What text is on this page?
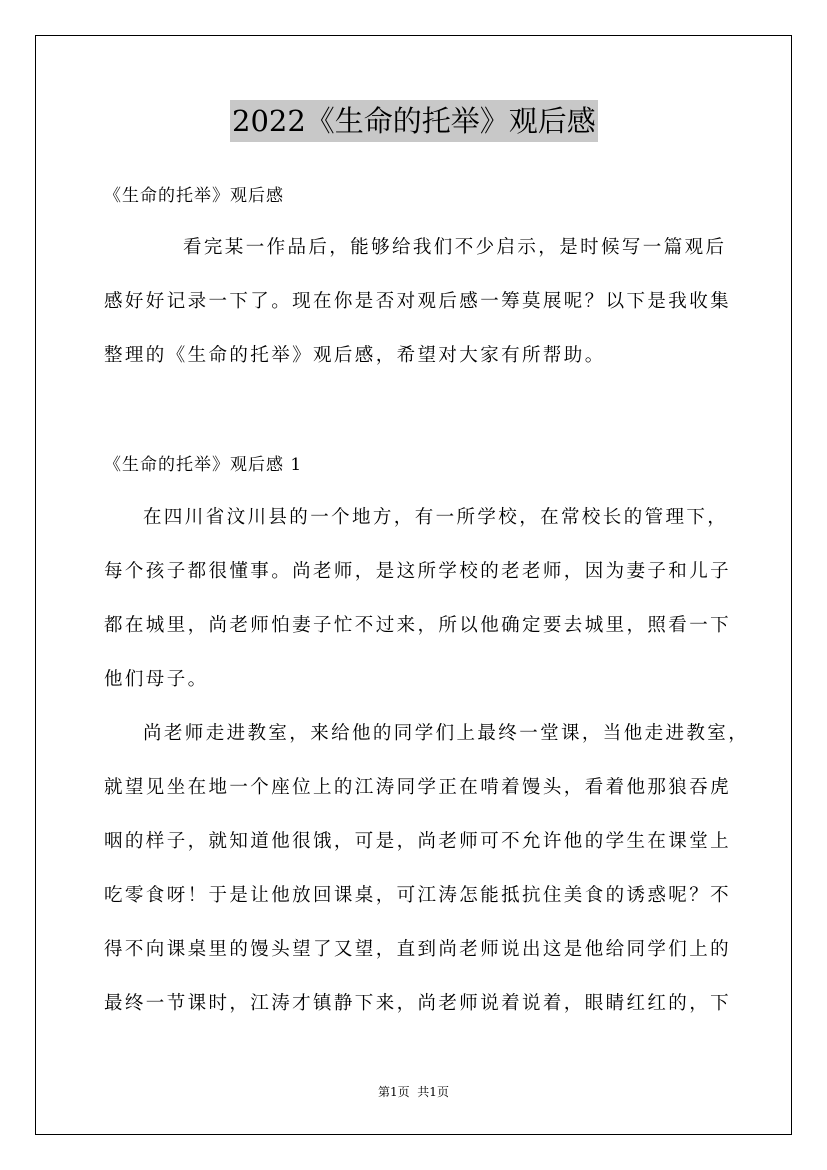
2022《生命的托举》观后感
《生命的托举》观后感
看完某一作品后，能够给我们不少启示，是时候写一篇观后
感好好记录一下了。现在你是否对观后感一筹莫展呢？以下是我收集
整理的《生命的托举》观后感，希望对大家有所帮助。
《生命的托举》观后感 1
在四川省汶川县的一个地方，有一所学校，在常校长的管理下，
每个孩子都很懂事。尚老师，是这所学校的老老师，因为妻子和儿子
都在城里，尚老师怕妻子忙不过来，所以他确定要去城里，照看一下
他们母子。
尚老师走进教室，来给他的同学们上最终一堂课，当他走进教室，
就望见坐在地一个座位上的江涛同学正在啃着馒头，看着他那狼吞虎
咽的样子，就知道他很饿，可是，尚老师可不允许他的学生在课堂上
吃零食呀！于是让他放回课桌，可江涛怎能抵抗住美食的诱惑呢？不
得不向课桌里的馒头望了又望，直到尚老师说出这是他给同学们上的
最终一节课时，江涛才镇静下来，尚老师说着说着，眼睛红红的，下
第1页  共1页
